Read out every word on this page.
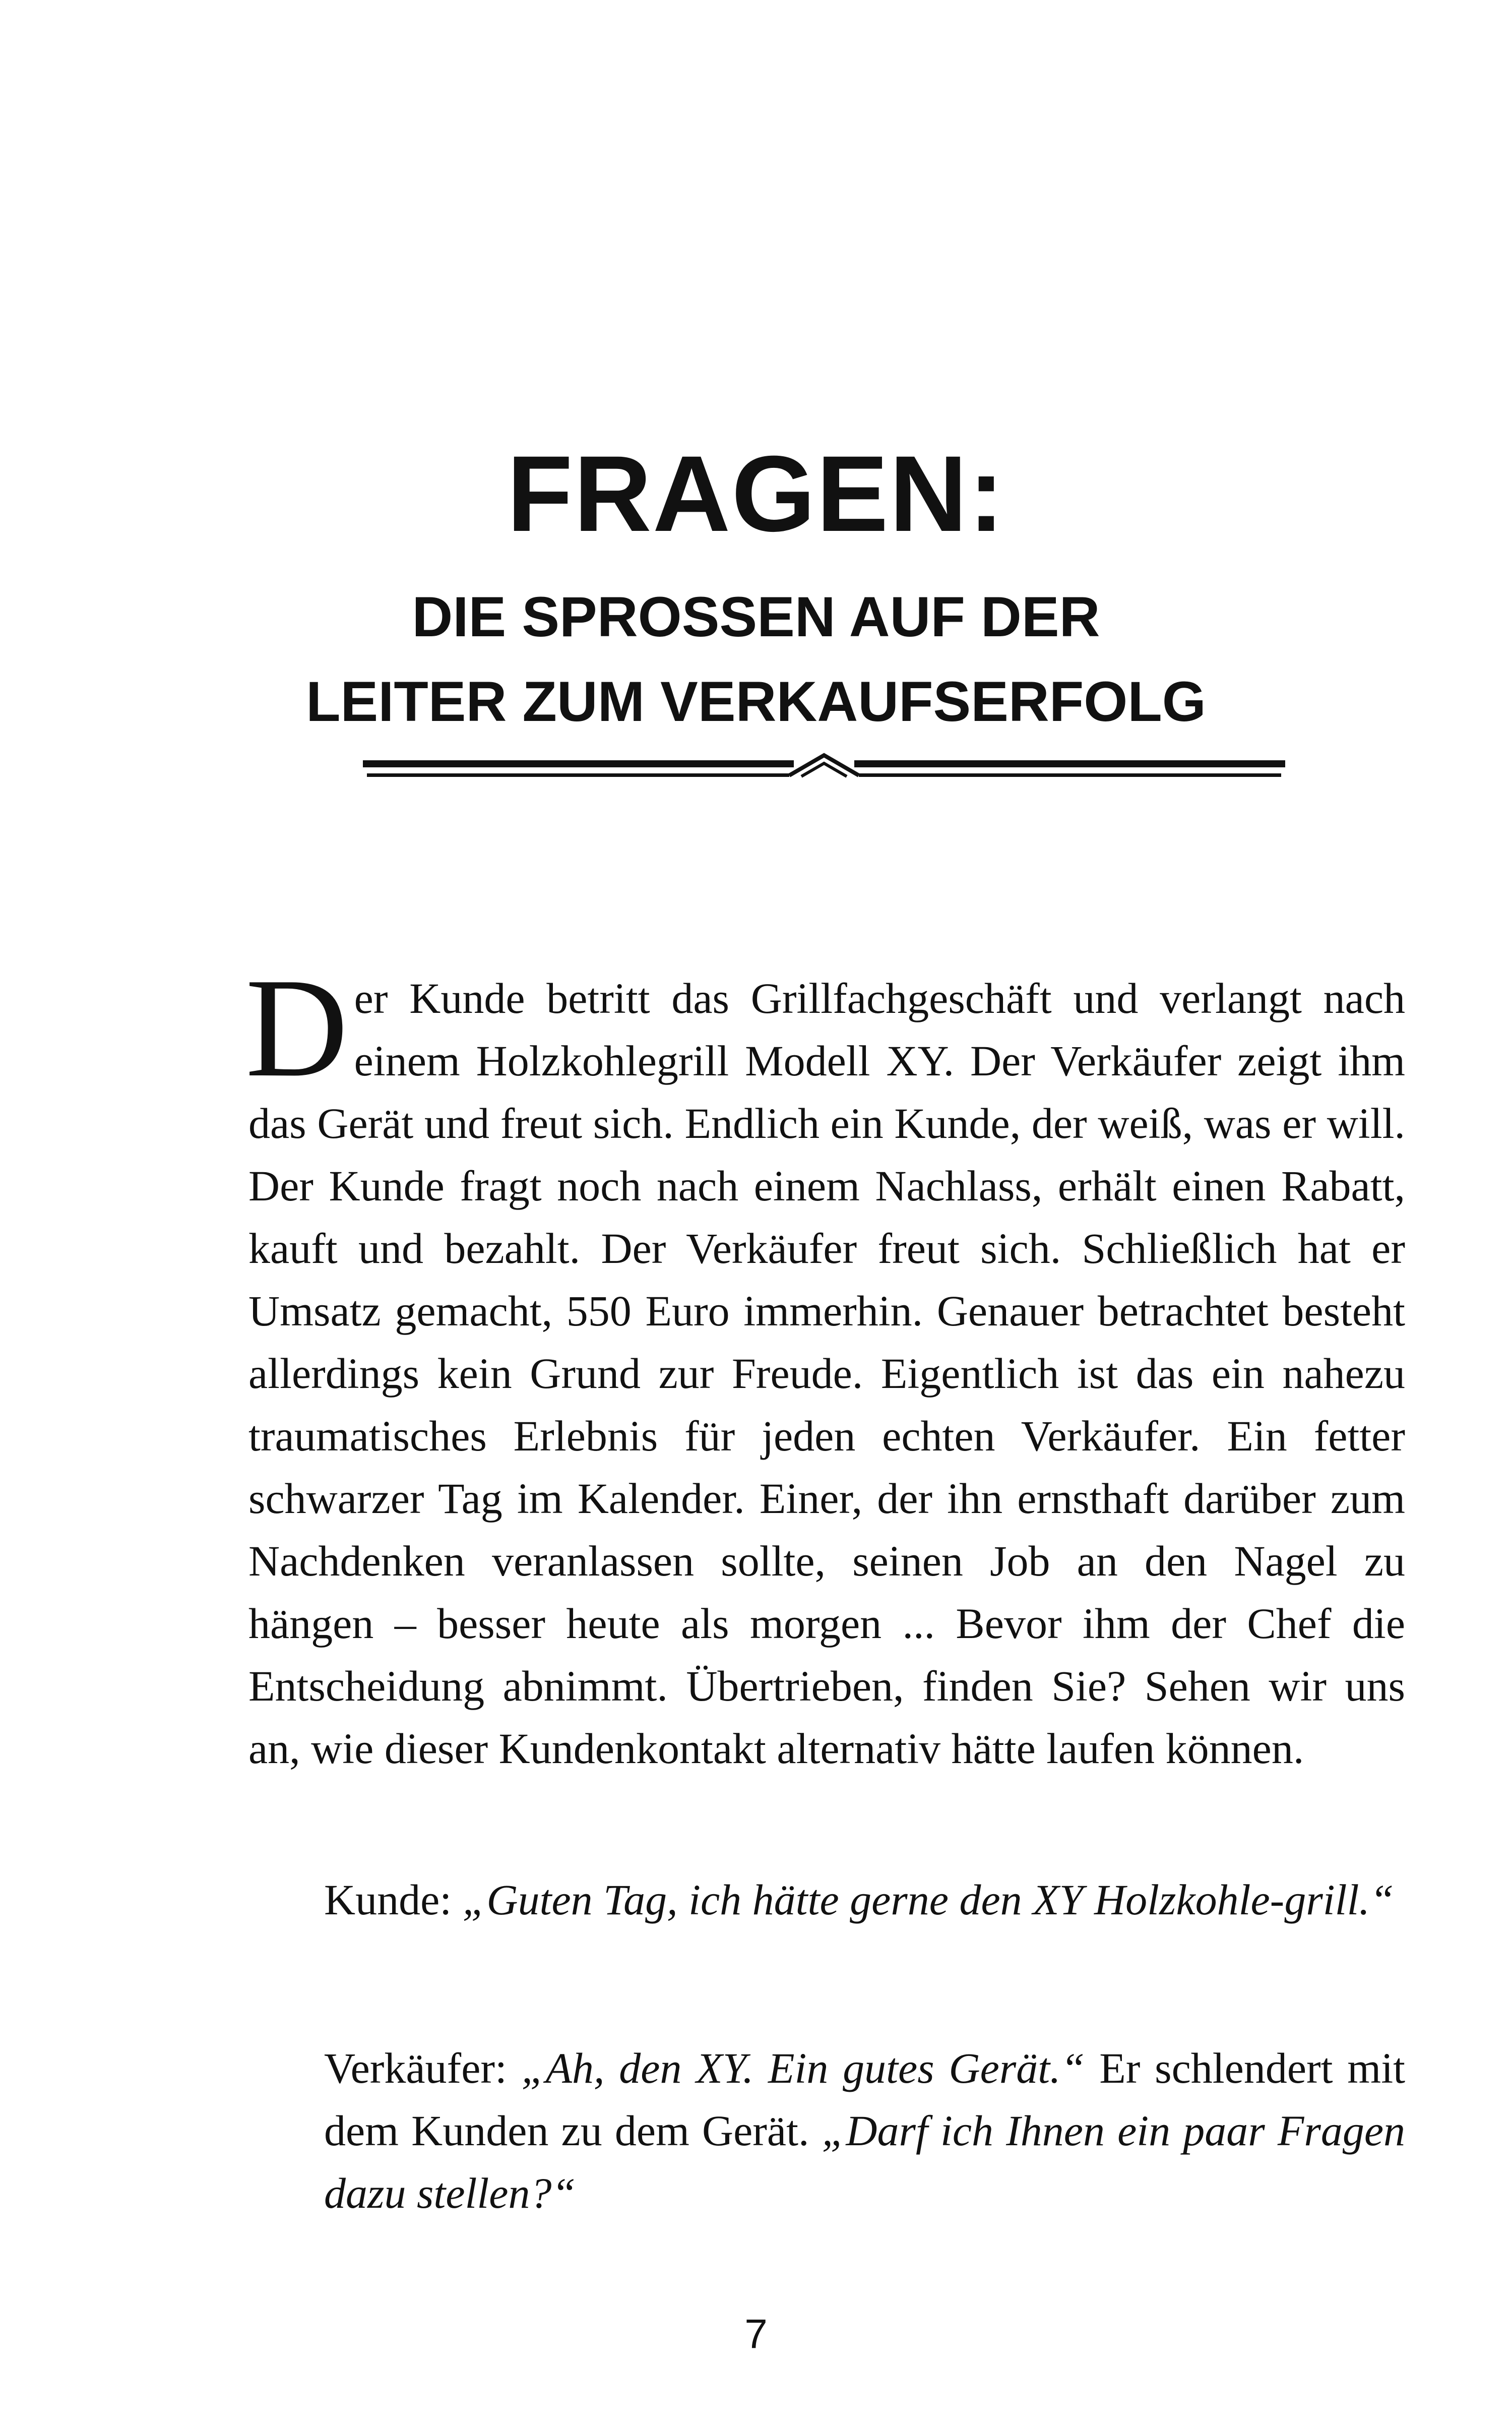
FRAGEN:
DIE SPROSSEN AUF DER
LEITER ZUM VERKAUFSERFOLG

Der Kunde betritt das Grillfachgeschäft und verlangt nach einem Holzkohlegrill Modell XY. Der Verkäufer zeigt ihm das Gerät und freut sich. Endlich ein Kunde, der weiß, was er will. Der Kunde fragt noch nach einem Nachlass, erhält einen Rabatt, kauft und bezahlt. Der Verkäufer freut sich. Schließlich hat er Umsatz gemacht, 550 Euro immerhin. Genauer betrachtet besteht allerdings kein Grund zur Freude. Eigentlich ist das ein nahezu traumatisches Erlebnis für jeden echten Verkäufer. Ein fetter schwarzer Tag im Kalender. Einer, der ihn ernsthaft darüber zum Nachdenken veranlassen sollte, seinen Job an den Nagel zu hängen – besser heute als morgen ... Bevor ihm der Chef die Entscheidung abnimmt. Übertrieben, finden Sie? Sehen wir uns an, wie dieser Kundenkontakt alternativ hätte laufen können.

Kunde: „Guten Tag, ich hätte gerne den XY Holzkohle-grill.“

Verkäufer: „Ah, den XY. Ein gutes Gerät.“ Er schlendert mit dem Kunden zu dem Gerät. „Darf ich Ihnen ein paar Fragen dazu stellen?“

7
